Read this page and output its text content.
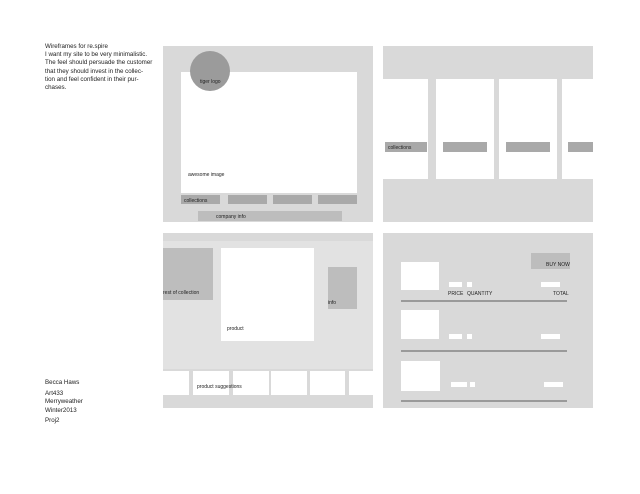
Wireframes for re.spire
I want my site to be very minimalistic.
The feel should persuade the customer
that they should invest in the collec-
tion and feel confident in their pur-
chases.
Becca Haws
Art433
Merryweather
Winter2013
Proj2
tiger logo
awesome image
collections
company info
collections
rest of collection
product
info
product suggestions
BUY NOW
PRICE QUANTITY	TOTAL
